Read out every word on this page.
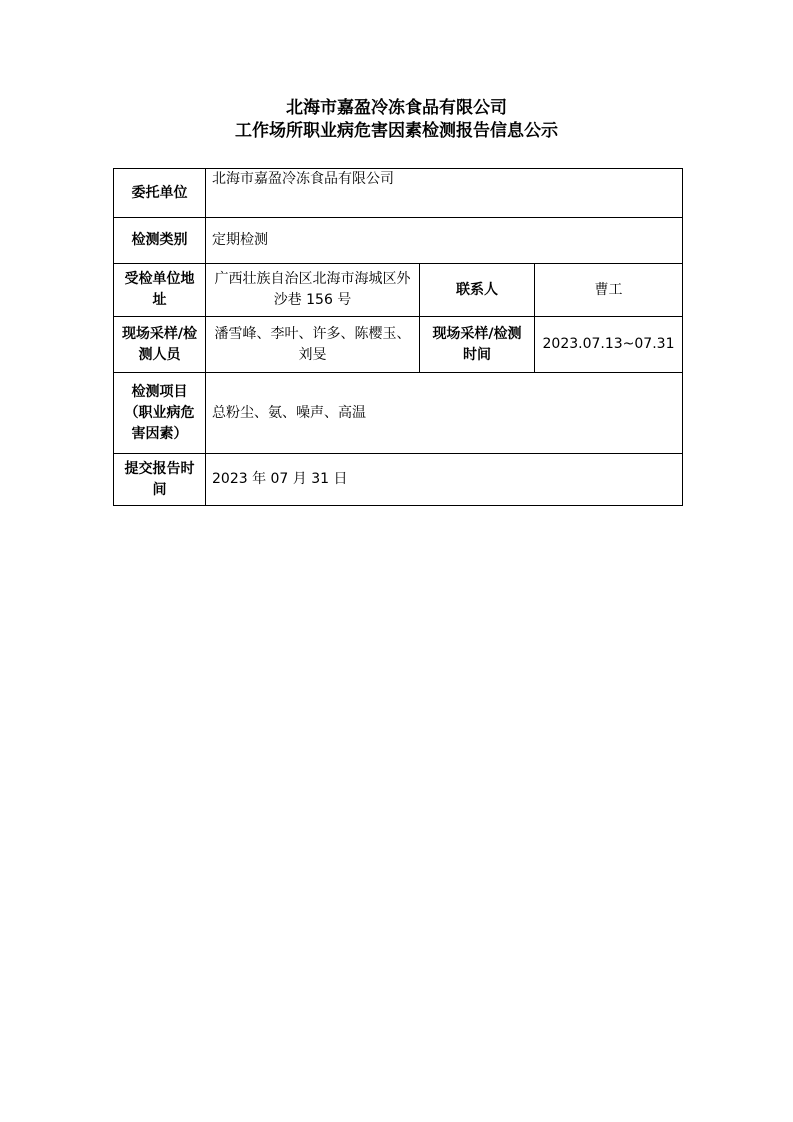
北海市嘉盈冷冻食品有限公司
工作场所职业病危害因素检测报告信息公示
委托单位	北海市嘉盈冷冻食品有限公司		
检测类别	定期检测		
受检单位地址	广西壮族自治区北海市海城区外沙巷 156 号	联系人	曹工
现场采样/检测人员	潘雪峰、李叶、许多、陈樱玉、刘旻	现场采样/检测时间	2023.07.13~07.31
检测项目（职业病危害因素）	总粉尘、氨、噪声、高温		
提交报告时间	2023 年 07 月 31 日		
